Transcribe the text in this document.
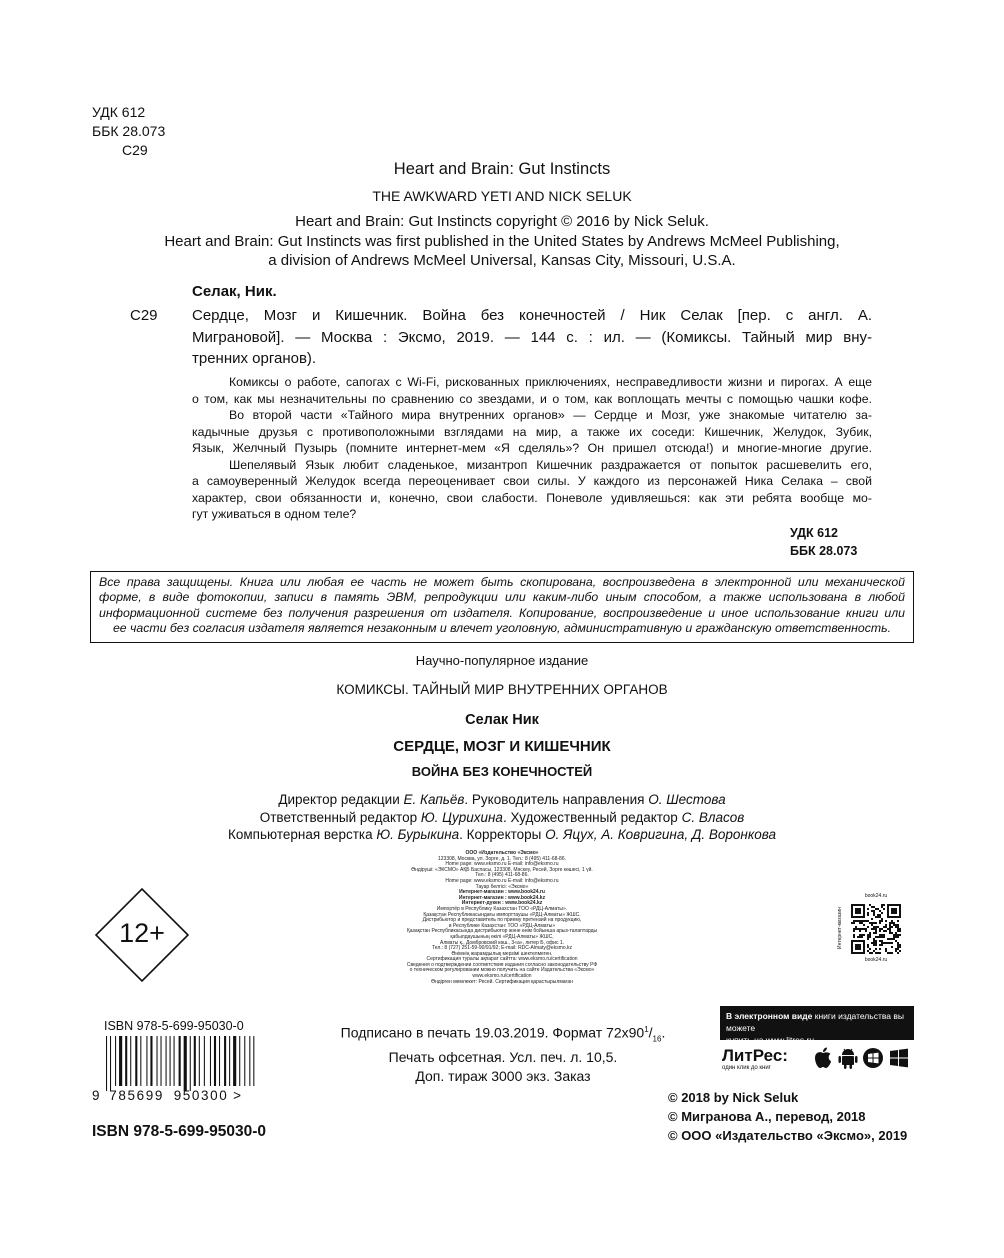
УДК 612
ББК 28.073
С29
Heart and Brain: Gut Instincts
THE AWKWARD YETI AND NICK SELUK
Heart and Brain: Gut Instincts copyright © 2016 by Nick Seluk.
Heart and Brain: Gut Instincts was first published in the United States by Andrews McMeel Publishing,
a division of Andrews McMeel Universal, Kansas City, Missouri, U.S.A.
Селак, Ник.
С29 Сердце, Мозг и Кишечник. Война без конечностей / Ник Селак [пер. с англ. А.
Миграновой]. — Москва : Эксмо, 2019. — 144 с. : ил. — (Комиксы. Тайный мир вну-
тренних органов).
Комиксы о работе, сапогах с Wi-Fi, рискованных приключениях, несправедливости жизни и пирогах. А еще
о том, как мы незначительны по сравнению со звездами, и о том, как воплощать мечты с помощью чашки кофе.
Во второй части «Тайного мира внутренних органов» — Сердце и Мозг, уже знакомые читателю за-
кадычные друзья с противоположными взглядами на мир, а также их соседи: Кишечник, Желудок, Зубик,
Язык, Желчный Пузырь (помните интернет-мем «Я сделяль»? Он пришел отсюда!) и многие-многие другие.
Шепелявый Язык любит сладенькое, мизантроп Кишечник раздражается от попыток расшевелить его,
а самоуверенный Желудок всегда переоценивает свои силы. У каждого из персонажей Ника Селака – свой
характер, свои обязанности и, конечно, свои слабости. Поневоле удивляешься: как эти ребята вообще мо-
гут уживаться в одном теле?
УДК 612
ББК 28.073
Все права защищены. Книга или любая ее часть не может быть скопирована, воспроизведена в электронной или механической
форме, в виде фотокопии, записи в память ЭВМ, репродукции или каким-либо иным способом, а также использована в любой
информационной системе без получения разрешения от издателя. Копирование, воспроизведение и иное использование книги или
ее части без согласия издателя является незаконным и влечет уголовную, административную и гражданскую ответственность.
Научно-популярное издание
КОМИКСЫ. ТАЙНЫЙ МИР ВНУТРЕННИХ ОРГАНОВ
Селак Ник
СЕРДЦЕ, МОЗГ И КИШЕЧНИК
ВОЙНА БЕЗ КОНЕЧНОСТЕЙ
Директор редакции Е. Капьёв. Руководитель направления О. Шестова
Ответственный редактор Ю. Цурихина. Художественный редактор С. Власов
Компьютерная верстка Ю. Бурыкина. Корректоры О. Яцух, А. Ковригина, Д. Воронкова
ООО «Издательство «Эксмо»
123308, Москва, ул. Зорге, д. 1. Тел.: 8 (495) 411-68-86.
Home page: www.eksmo.ru E-mail: info@eksmo.ru
Өндіруші: «ЭКСМО» АҚБ Баспасы, 123308, Мәскеу, Ресей, Зорге көшесі, 1 үй.
Тел.: 8 (495) 411-68-86.
Home page: www.eksmo.ru E-mail: info@eksmo.ru
Тауар белгісі: «Эксмо»
Интернет-магазин : www.book24.ru
Интернет-магазин : www.book24.kz
Интернет-дүкен : www.book24.kz
Импортёр в Республику Казахстан ТОО «РДЦ-Алматы».
Қазақстан Республикасындағы импорттаушы «РДЦ-Алматы» ЖШС.
Дистрибьютор и представитель по приему претензий на продукцию,
в Республике Казахстан: ТОО «РДЦ-Алматы»
Қазақстан Республикасында дистрибьютор және өнім бойынша арыз-талаптарды
қабылдаушының өкілі «РДЦ-Алматы» ЖШС,
Алматы қ., Домбровский көш., 3«а», литер Б, офис 1.
Тел.: 8 (727) 251-59-90/91/92; E-mail: RDC-Almaty@eksmo.kz
Өнімнің жарамдылық мерзімі шектелмеген.
Сертификация туралы ақпарат сайтта: www.eksmo.ru/certification
Сведения о подтверждении соответствия издания согласно законодательству РФ
о техническом регулировании можно получить на сайте Издательства «Эксмо»
www.eksmo.ru/certification
Өндірген мемлекет: Ресей. Сертификация қарастырылмаған
12+
ISBN 978-5-699-95030-0
9 785699 950300 >
ISBN 978-5-699-95030-0
Подписано в печать 19.03.2019. Формат $72х90^1/_{16}$.
Печать офсетная. Усл. печ. л. 10,5.
Доп. тираж 3000 экз. Заказ
book24.ru
Интернет-магазин
book24.ru
В электронном виде книги издательства вы можете
купить на www.litres.ru
ЛитРес:
один клик до книг
© 2018 by Nick Seluk
© Мигранова А., перевод, 2018
© ООО «Издательство «Эксмо», 2019
